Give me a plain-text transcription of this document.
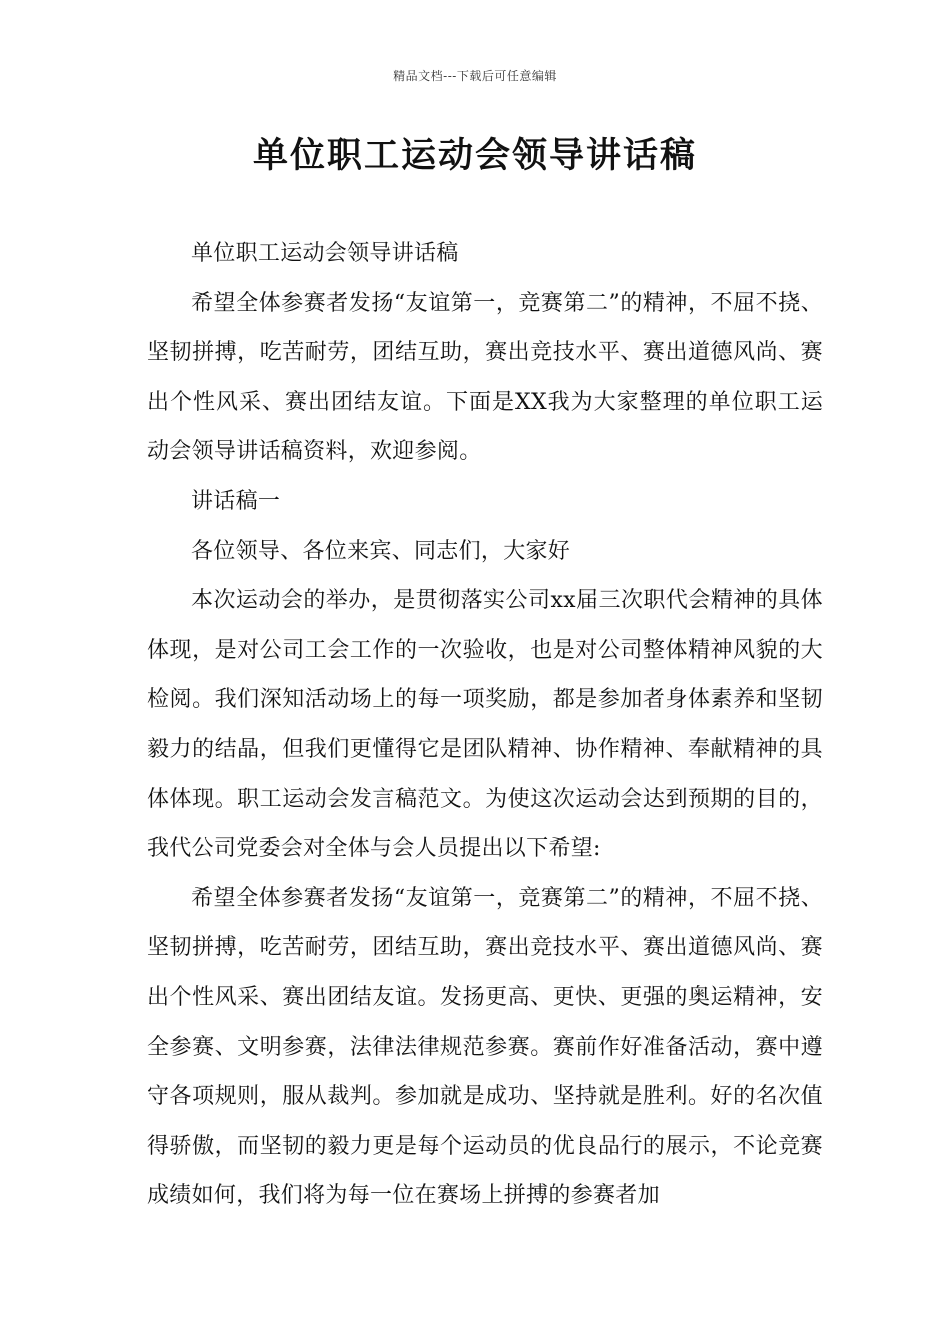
精品文档---下载后可任意编辑
单位职工运动会领导讲话稿

单位职工运动会领导讲话稿

希望全体参赛者发扬“友谊第一，竞赛第二”的精神，不屈不挠、坚韧拼搏，吃苦耐劳，团结互助，赛出竞技水平、赛出道德风尚、赛出个性风采、赛出团结友谊。下面是XX我为大家整理的单位职工运动会领导讲话稿资料，欢迎参阅。

讲话稿一

各位领导、各位来宾、同志们，大家好

本次运动会的举办，是贯彻落实公司xx届三次职代会精神的具体体现，是对公司工会工作的一次验收，也是对公司整体精神风貌的大检阅。我们深知活动场上的每一项奖励，都是参加者身体素养和坚韧毅力的结晶，但我们更懂得它是团队精神、协作精神、奉献精神的具体体现。职工运动会发言稿范文。为使这次运动会达到预期的目的，我代公司党委会对全体与会人员提出以下希望:

希望全体参赛者发扬“友谊第一，竞赛第二”的精神，不屈不挠、坚韧拼搏，吃苦耐劳，团结互助，赛出竞技水平、赛出道德风尚、赛出个性风采、赛出团结友谊。发扬更高、更快、更强的奥运精神，安全参赛、文明参赛，法律法律规范参赛。赛前作好准备活动，赛中遵守各项规则，服从裁判。参加就是成功、坚持就是胜利。好的名次值得骄傲，而坚韧的毅力更是每个运动员的优良品行的展示，不论竞赛成绩如何，我们将为每一位在赛场上拼搏的参赛者加
